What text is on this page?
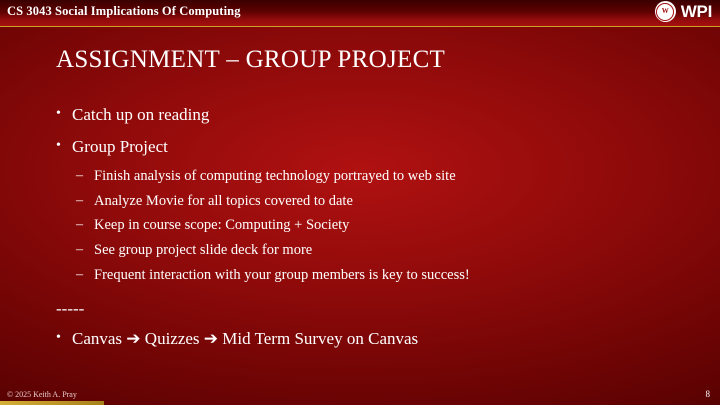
CS 3043 Social Implications Of Computing	W WPI
ASSIGNMENT – GROUP PROJECT
• Catch up on reading
• Group Project
– Finish analysis of computing technology portrayed to web site
– Analyze Movie for all topics covered to date
– Keep in course scope: Computing + Society
– See group project slide deck for more
– Frequent interaction with your group members is key to success!
-----
• Canvas ➔ Quizzes ➔ Mid Term Survey on Canvas
© 2025 Keith A. Pray	8
